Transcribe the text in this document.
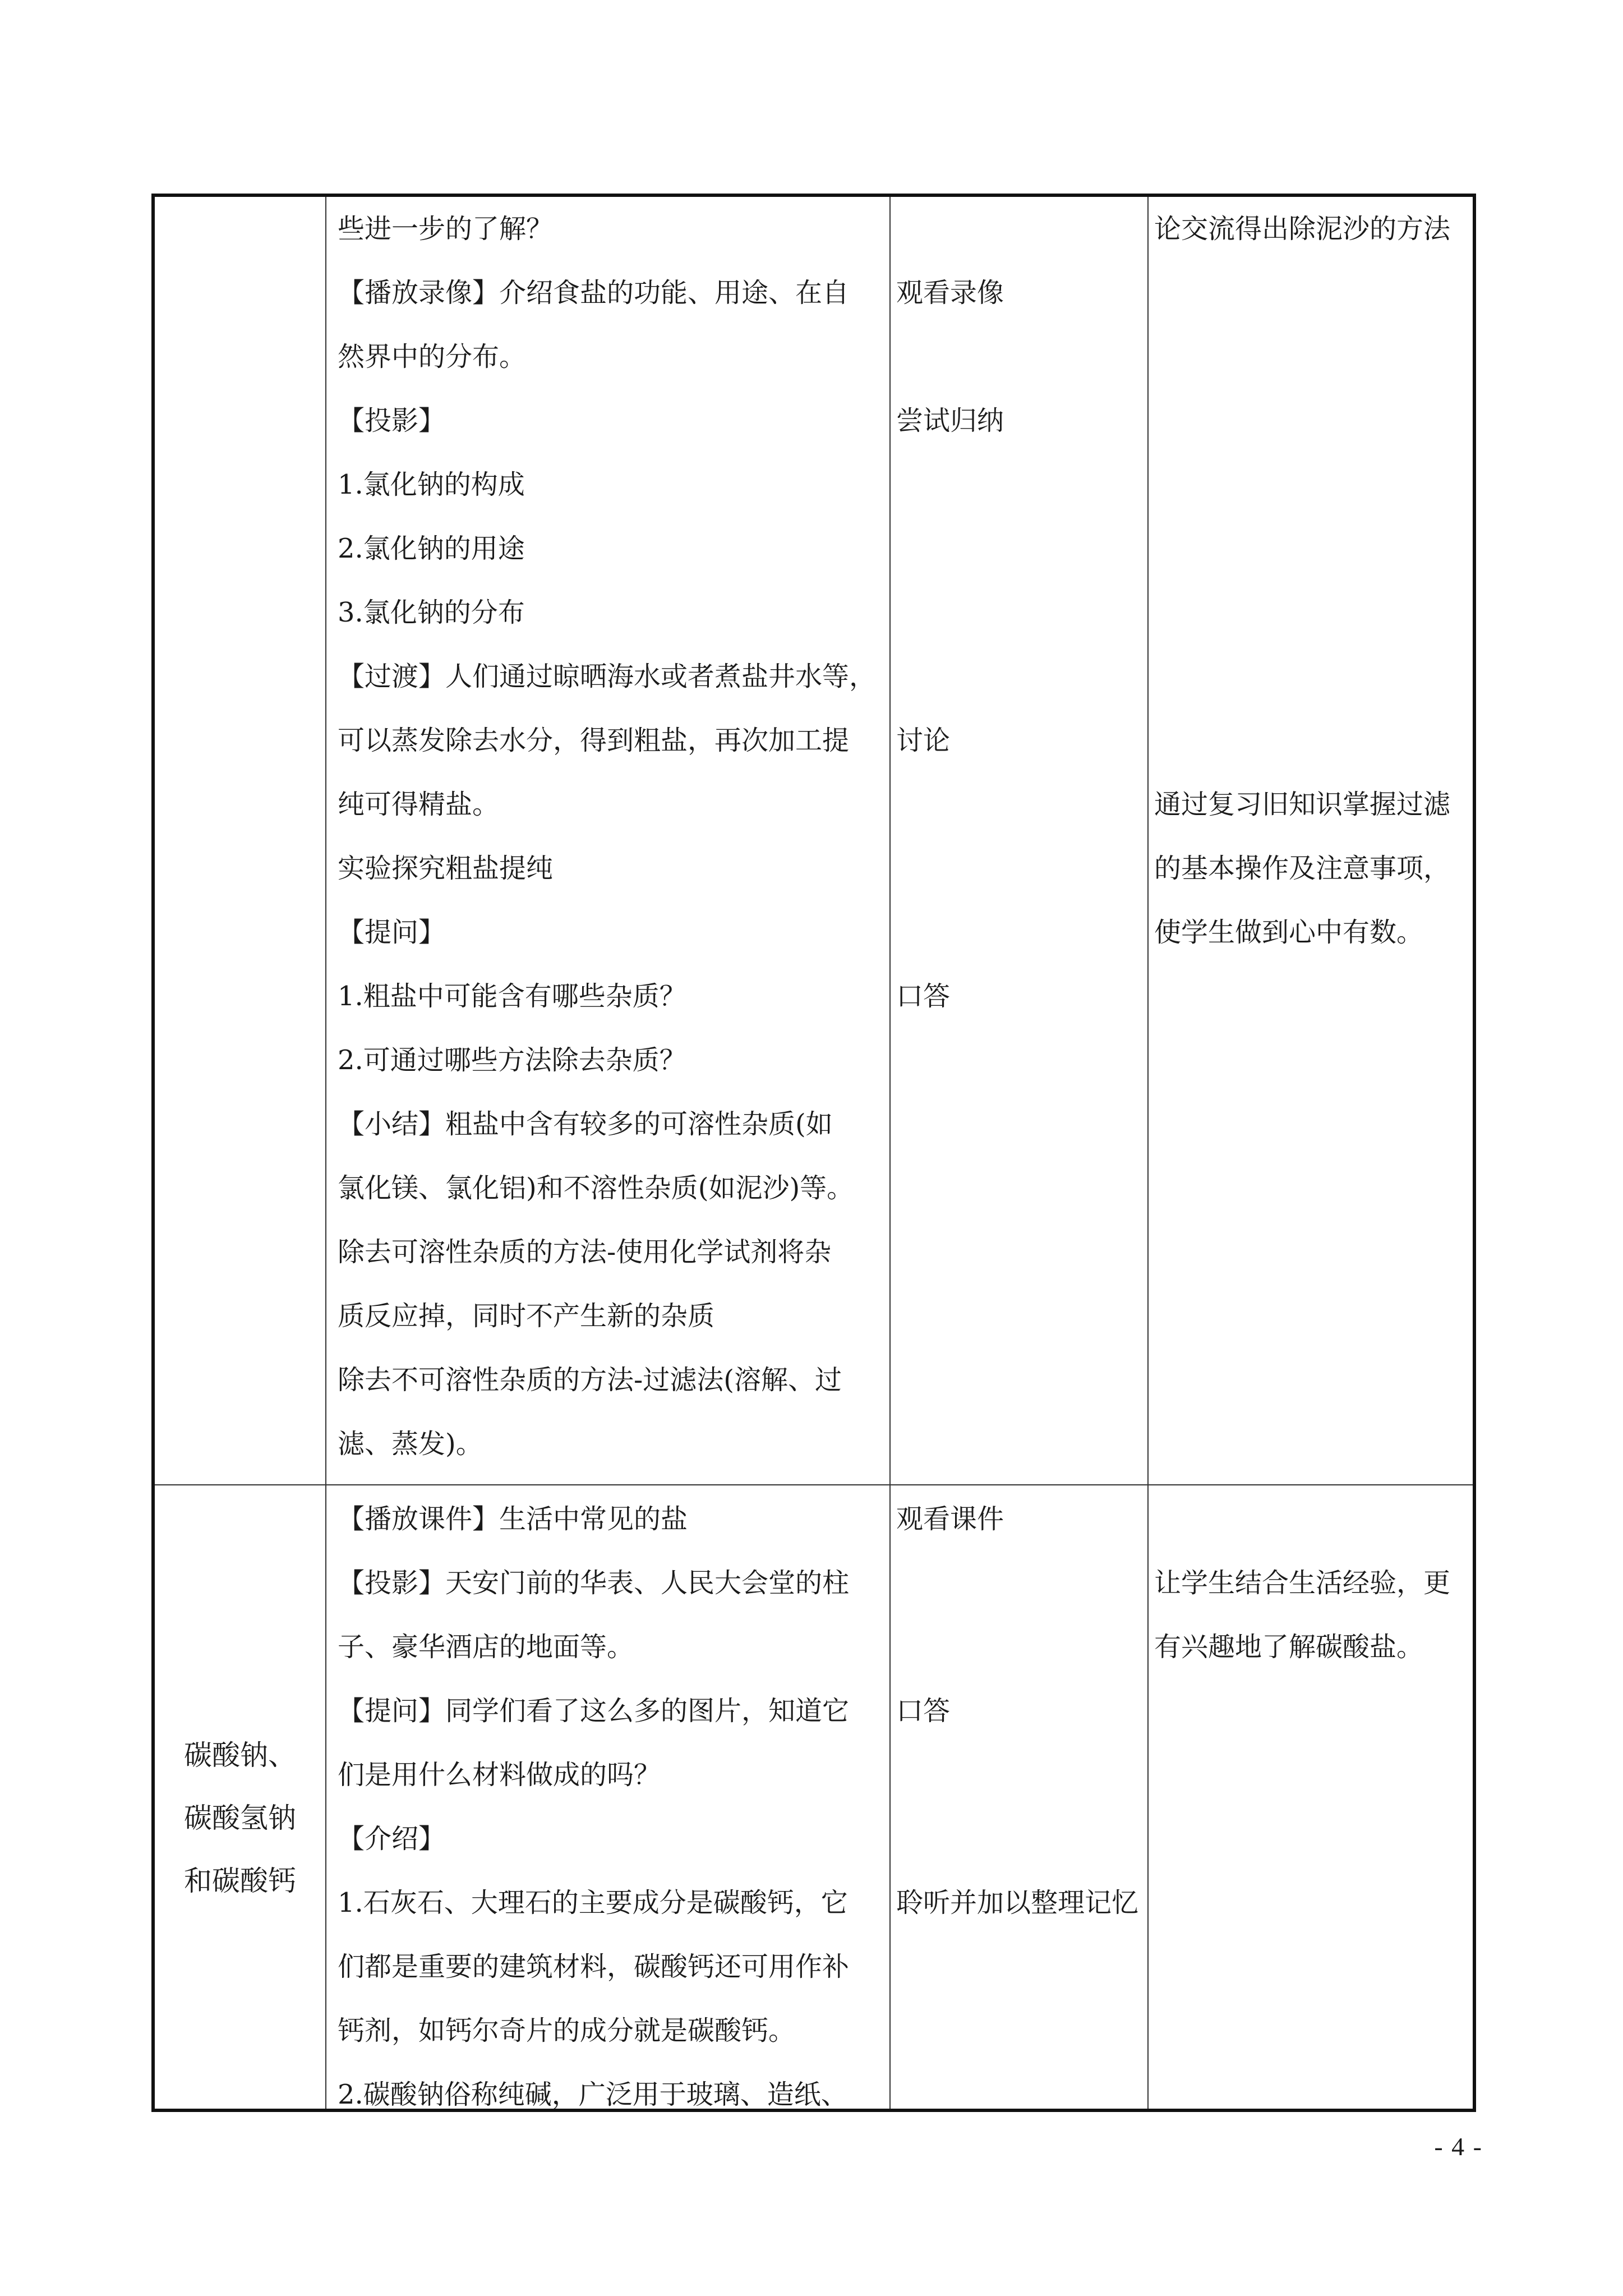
些进一步的了解？
【播放录像】介绍食盐的功能、用途、在自
然界中的分布。
【投影】
1.氯化钠的构成
2.氯化钠的用途
3.氯化钠的分布
【过渡】人们通过晾晒海水或者煮盐井水等，
可以蒸发除去水分，得到粗盐，再次加工提
纯可得精盐。
实验探究粗盐提纯
【提问】
1.粗盐中可能含有哪些杂质？
2.可通过哪些方法除去杂质？
【小结】粗盐中含有较多的可溶性杂质(如
氯化镁、氯化铝)和不溶性杂质(如泥沙)等。
除去可溶性杂质的方法-使用化学试剂将杂
质反应掉，同时不产生新的杂质
除去不可溶性杂质的方法-过滤法(溶解、过
滤、蒸发)。
观看录像
尝试归纳
讨论
口答
论交流得出除泥沙的方法
通过复习旧知识掌握过滤
的基本操作及注意事项，
使学生做到心中有数。
碳酸钠、
碳酸氢钠
和碳酸钙
【播放课件】生活中常见的盐
【投影】天安门前的华表、人民大会堂的柱
子、豪华酒店的地面等。
【提问】同学们看了这么多的图片，知道它
们是用什么材料做成的吗？
【介绍】
1.石灰石、大理石的主要成分是碳酸钙，它
们都是重要的建筑材料，碳酸钙还可用作补
钙剂，如钙尔奇片的成分就是碳酸钙。
2.碳酸钠俗称纯碱，广泛用于玻璃、造纸、
观看课件
口答
聆听并加以整理记忆
让学生结合生活经验，更
有兴趣地了解碳酸盐。
- 4 -
